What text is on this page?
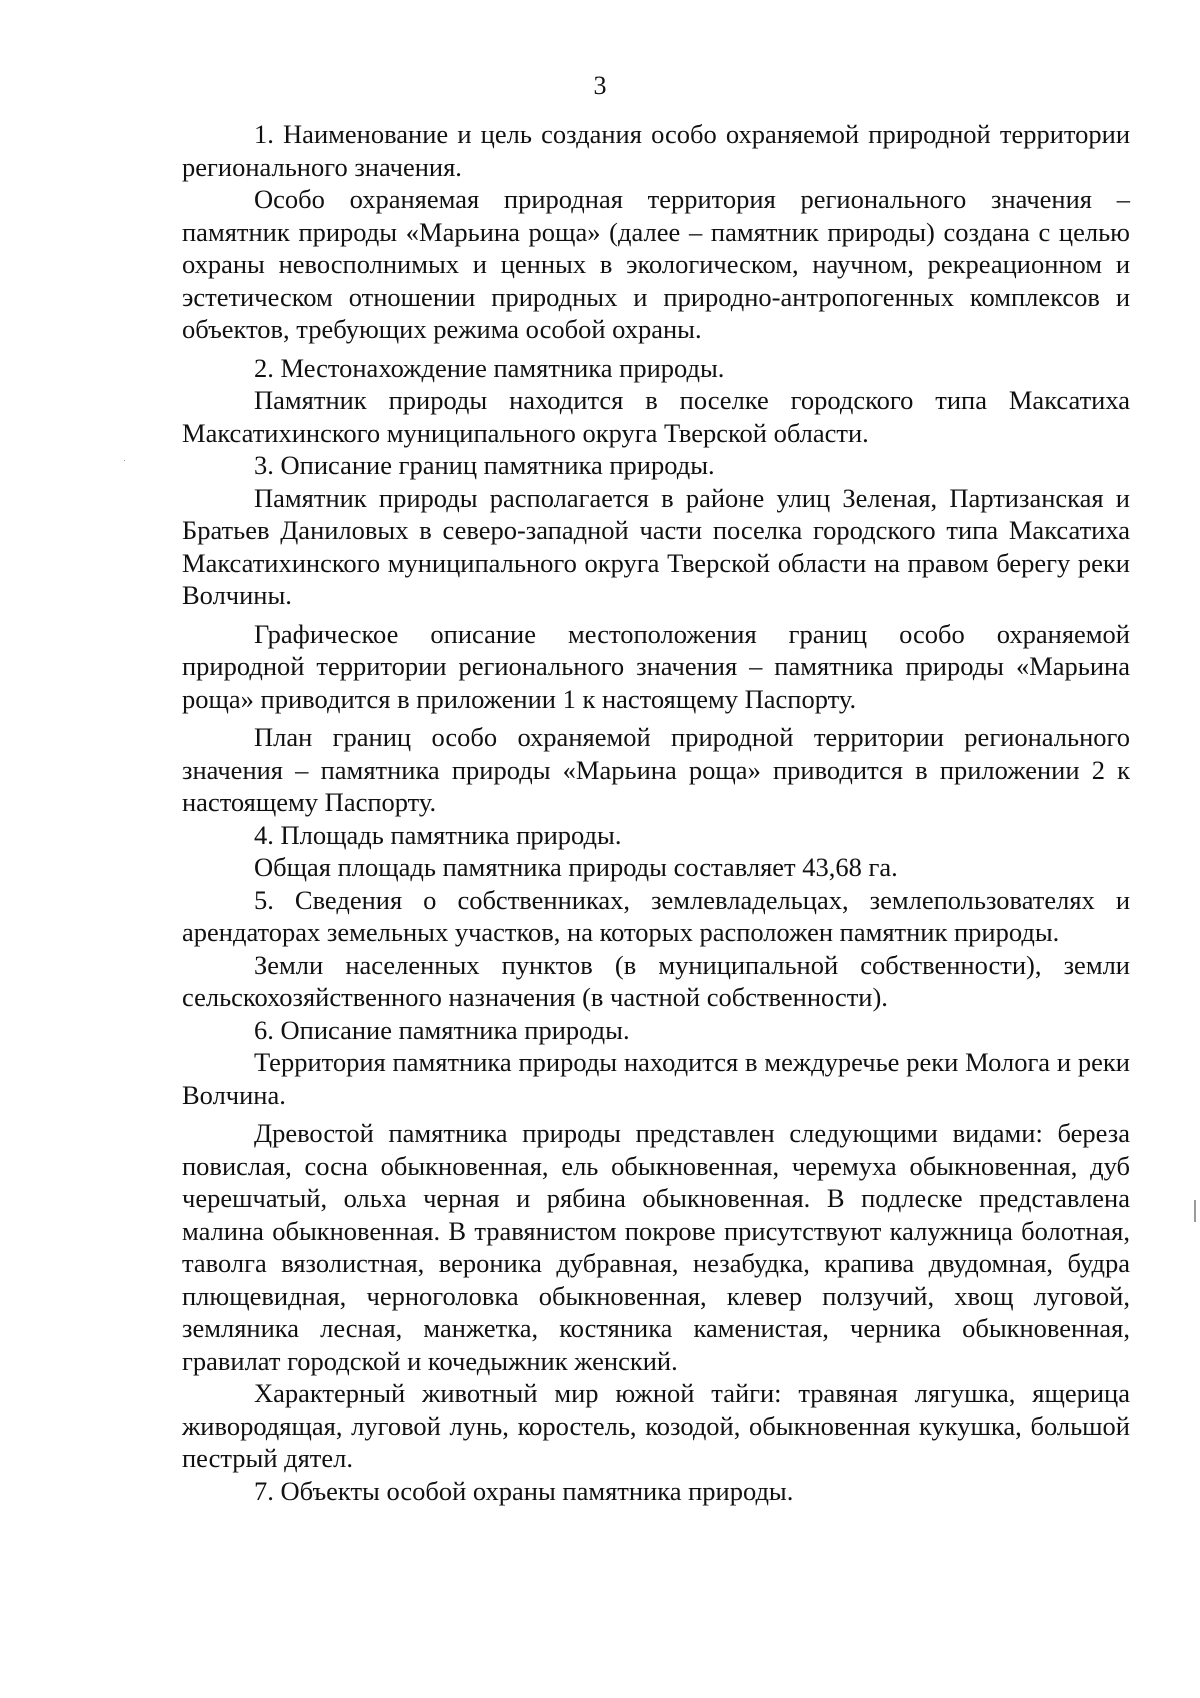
3

1. Наименование и цель создания особо охраняемой природной территории регионального значения.

Особо охраняемая природная территория регионального значения – памятник природы «Марьина роща» (далее – памятник природы) создана с целью охраны невосполнимых и ценных в экологическом, научном, рекреационном и эстетическом отношении природных и природно-антропогенных комплексов и объектов, требующих режима особой охраны.

2. Местонахождение памятника природы.

Памятник природы находится в поселке городского типа Максатиха Максатихинского муниципального округа Тверской области.

3. Описание границ памятника природы.

Памятник природы располагается в районе улиц Зеленая, Партизанская и Братьев Даниловых в северо-западной части поселка городского типа Максатиха Максатихинского муниципального округа Тверской области на правом берегу реки Волчины.

Графическое описание местоположения границ особо охраняемой природной территории регионального значения – памятника природы «Марьина роща» приводится в приложении 1 к настоящему Паспорту.

План границ особо охраняемой природной территории регионального значения – памятника природы «Марьина роща» приводится в приложении 2 к настоящему Паспорту.

4. Площадь памятника природы.

Общая площадь памятника природы составляет 43,68 га.

5. Сведения о собственниках, землевладельцах, землепользователях и арендаторах земельных участков, на которых расположен памятник природы.

Земли населенных пунктов (в муниципальной собственности), земли сельскохозяйственного назначения (в частной собственности).

6. Описание памятника природы.

Территория памятника природы находится в междуречье реки Молога и реки Волчина.

Древостой памятника природы представлен следующими видами: береза повислая, сосна обыкновенная, ель обыкновенная, черемуха обыкновенная, дуб черешчатый, ольха черная и рябина обыкновенная. В подлеске представлена малина обыкновенная. В травянистом покрове присутствуют калужница болотная, таволга вязолистная, вероника дубравная, незабудка, крапива двудомная, будра плющевидная, черноголовка обыкновенная, клевер ползучий, хвощ луговой, земляника лесная, манжетка, костяника каменистая, черника обыкновенная, гравилат городской и кочедыжник женский.

Характерный животный мир южной тайги: травяная лягушка, ящерица живородящая, луговой лунь, коростель, козодой, обыкновенная кукушка, большой пестрый дятел.

7. Объекты особой охраны памятника природы.
